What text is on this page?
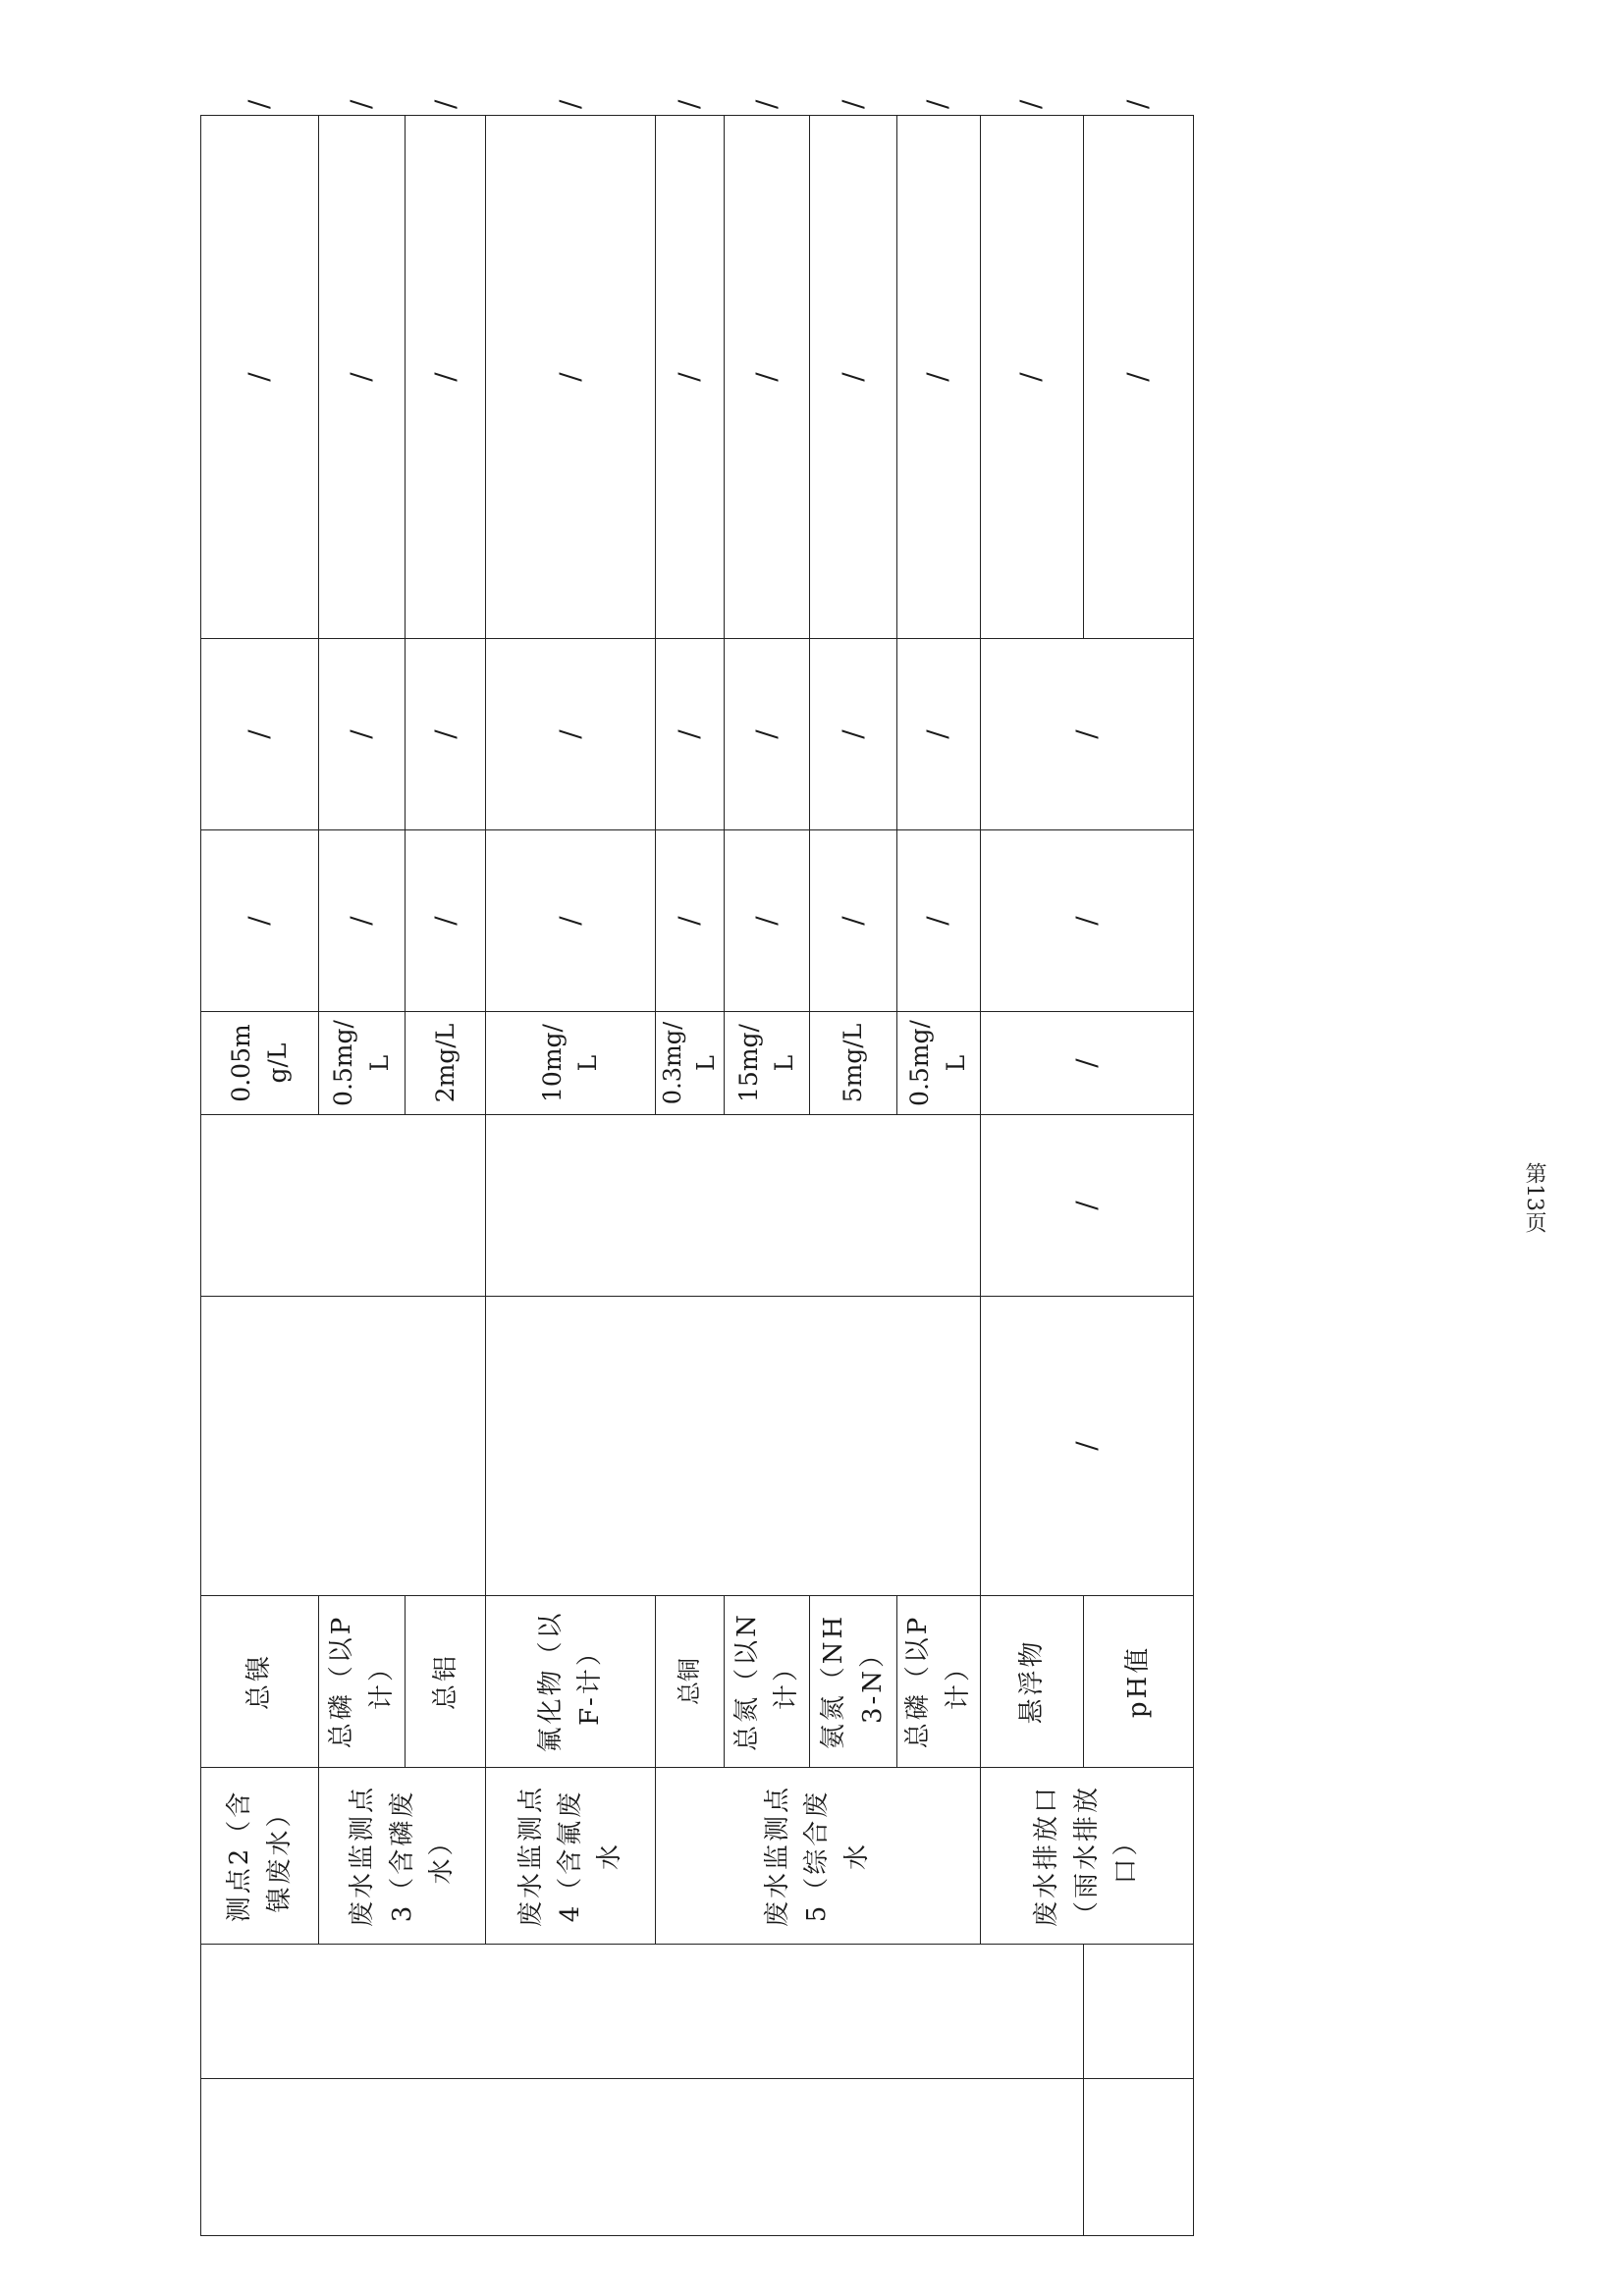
		测点2（含镍废水）	总镍			0.05mg/L	/	/	/	/
		废水监测点3（含磷废水）	总磷（以P计）			0.5mg/L	/	/	/	/
			总铝			2mg/L	/	/	/	/
		废水监测点4（含氟废水	氟化物（以F-计）			10mg/L	/	/	/	/
		废水监测点5（综合废水	总铜			0.3mg/L	/	/	/	/
			总氮（以N计）			15mg/L	/	/	/	/
			氨氮（NH3-N）			5mg/L	/	/	/	/
			总磷（以P计）			0.5mg/L	/	/	/	/
		废水排放口（雨水排放口）	悬浮物	/	/	/	/	/	/	/
			pH值						/	/
第13页
